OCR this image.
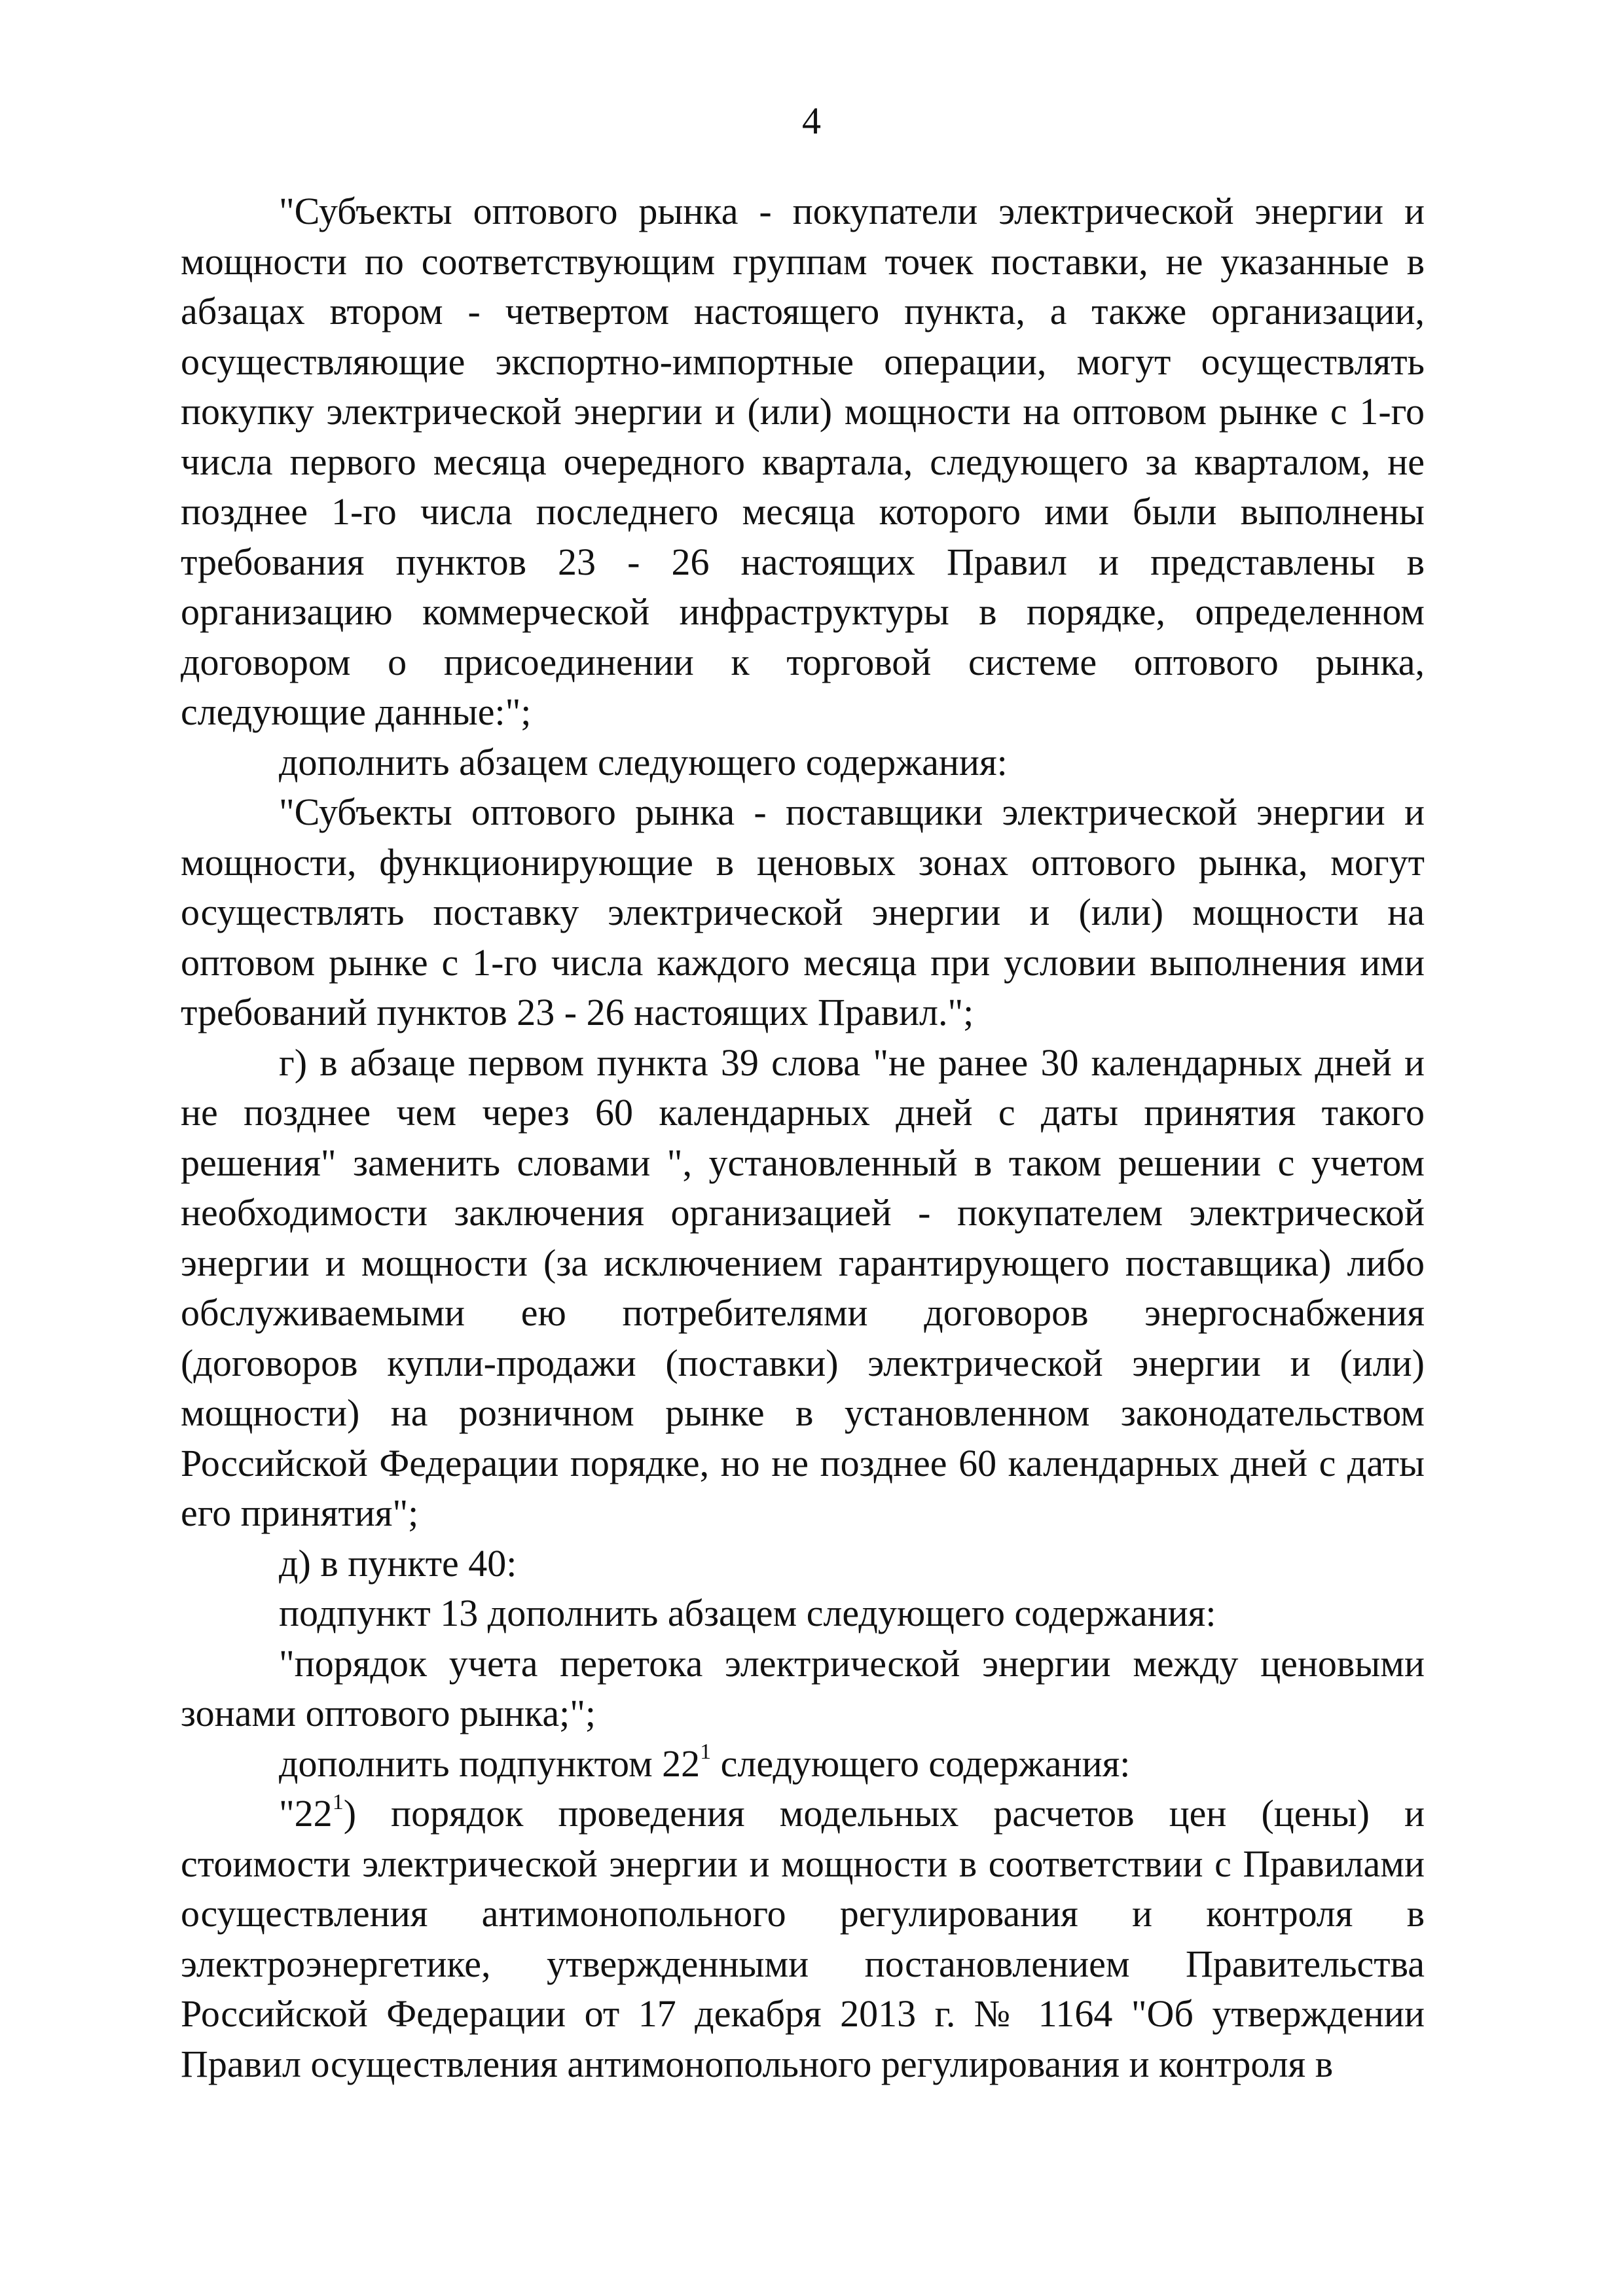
4

"Субъекты оптового рынка - покупатели электрической энергии и мощности по соответствующим группам точек поставки, не указанные в абзацах втором - четвертом настоящего пункта, а также организации, осуществляющие экспортно-импортные операции, могут осуществлять покупку электрической энергии и (или) мощности на оптовом рынке с 1-го числа первого месяца очередного квартала, следующего за кварталом, не позднее 1-го числа последнего месяца которого ими были выполнены требования пунктов 23 - 26 настоящих Правил и представлены в организацию коммерческой инфраструктуры в порядке, определенном договором о присоединении к торговой системе оптового рынка, следующие данные:";

дополнить абзацем следующего содержания:

"Субъекты оптового рынка - поставщики электрической энергии и мощности, функционирующие в ценовых зонах оптового рынка, могут осуществлять поставку электрической энергии и (или) мощности на оптовом рынке с 1-го числа каждого месяца при условии выполнения ими требований пунктов 23 - 26 настоящих Правил.";

г) в абзаце первом пункта 39 слова "не ранее 30 календарных дней и не позднее чем через 60 календарных дней с даты принятия такого решения" заменить словами ", установленный в таком решении с учетом необходимости заключения организацией - покупателем электрической энергии и мощности (за исключением гарантирующего поставщика) либо обслуживаемыми ею потребителями договоров энергоснабжения (договоров купли-продажи (поставки) электрической энергии и (или) мощности) на розничном рынке в установленном законодательством Российской Федерации порядке, но не позднее 60 календарных дней с даты его принятия";

д) в пункте 40:

подпункт 13 дополнить абзацем следующего содержания:

"порядок учета перетока электрической энергии между ценовыми зонами оптового рынка;";

дополнить подпунктом $22^1$ следующего содержания:

"$22^1$) порядок проведения модельных расчетов цен (цены) и стоимости электрической энергии и мощности в соответствии с Правилами осуществления антимонопольного регулирования и контроля в электроэнергетике, утвержденными постановлением Правительства Российской Федерации от 17 декабря 2013 г. № 1164 "Об утверждении Правил осуществления антимонопольного регулирования и контроля в
